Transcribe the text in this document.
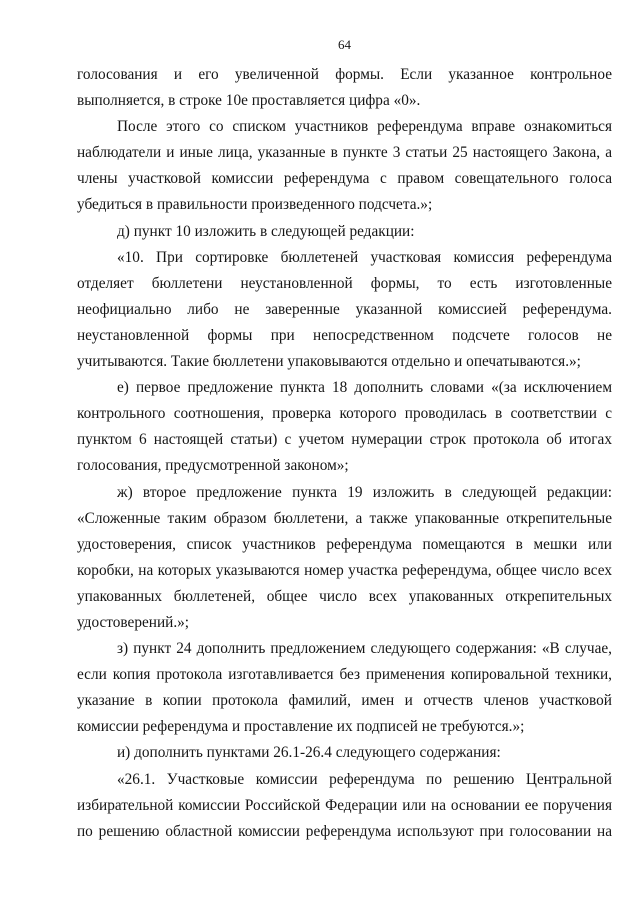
64
голосования и его увеличенной формы. Если указанное контрольное
выполняется, в строке 10е проставляется цифра «0».
После этого со списком участников референдума вправе ознакомиться
наблюдатели и иные лица, указанные в пункте 3 статьи 25 настоящего Закона, а
члены участковой комиссии референдума с правом совещательного голоса
убедиться в правильности произведенного подсчета.»;
д) пункт 10 изложить в следующей редакции:
«10. При сортировке бюллетеней участковая комиссия референдума
отделяет бюллетени неустановленной формы, то есть изготовленные
неофициально либо не заверенные указанной комиссией референдума.
неустановленной формы при непосредственном подсчете голосов не
учитываются. Такие бюллетени упаковываются отдельно и опечатываются.»;
е) первое предложение пункта 18 дополнить словами «(за исключением
контрольного соотношения, проверка которого проводилась в соответствии с
пунктом 6 настоящей статьи) с учетом нумерации строк протокола об итогах
голосования, предусмотренной законом»;
ж) второе предложение пункта 19 изложить в следующей редакции:
«Сложенные таким образом бюллетени, а также упакованные открепительные
удостоверения, список участников референдума помещаются в мешки или
коробки, на которых указываются номер участка референдума, общее число всех
упакованных бюллетеней, общее число всех упакованных открепительных
удостоверений.»;
з) пункт 24 дополнить предложением следующего содержания: «В случае,
если копия протокола изготавливается без применения копировальной техники,
указание в копии протокола фамилий, имен и отчеств членов участковой
комиссии референдума и проставление их подписей не требуются.»;
и) дополнить пунктами 26.1-26.4 следующего содержания:
«26.1. Участковые комиссии референдума по решению Центральной
избирательной комиссии Российской Федерации или на основании ее поручения
по решению областной комиссии референдума используют при голосовании на
